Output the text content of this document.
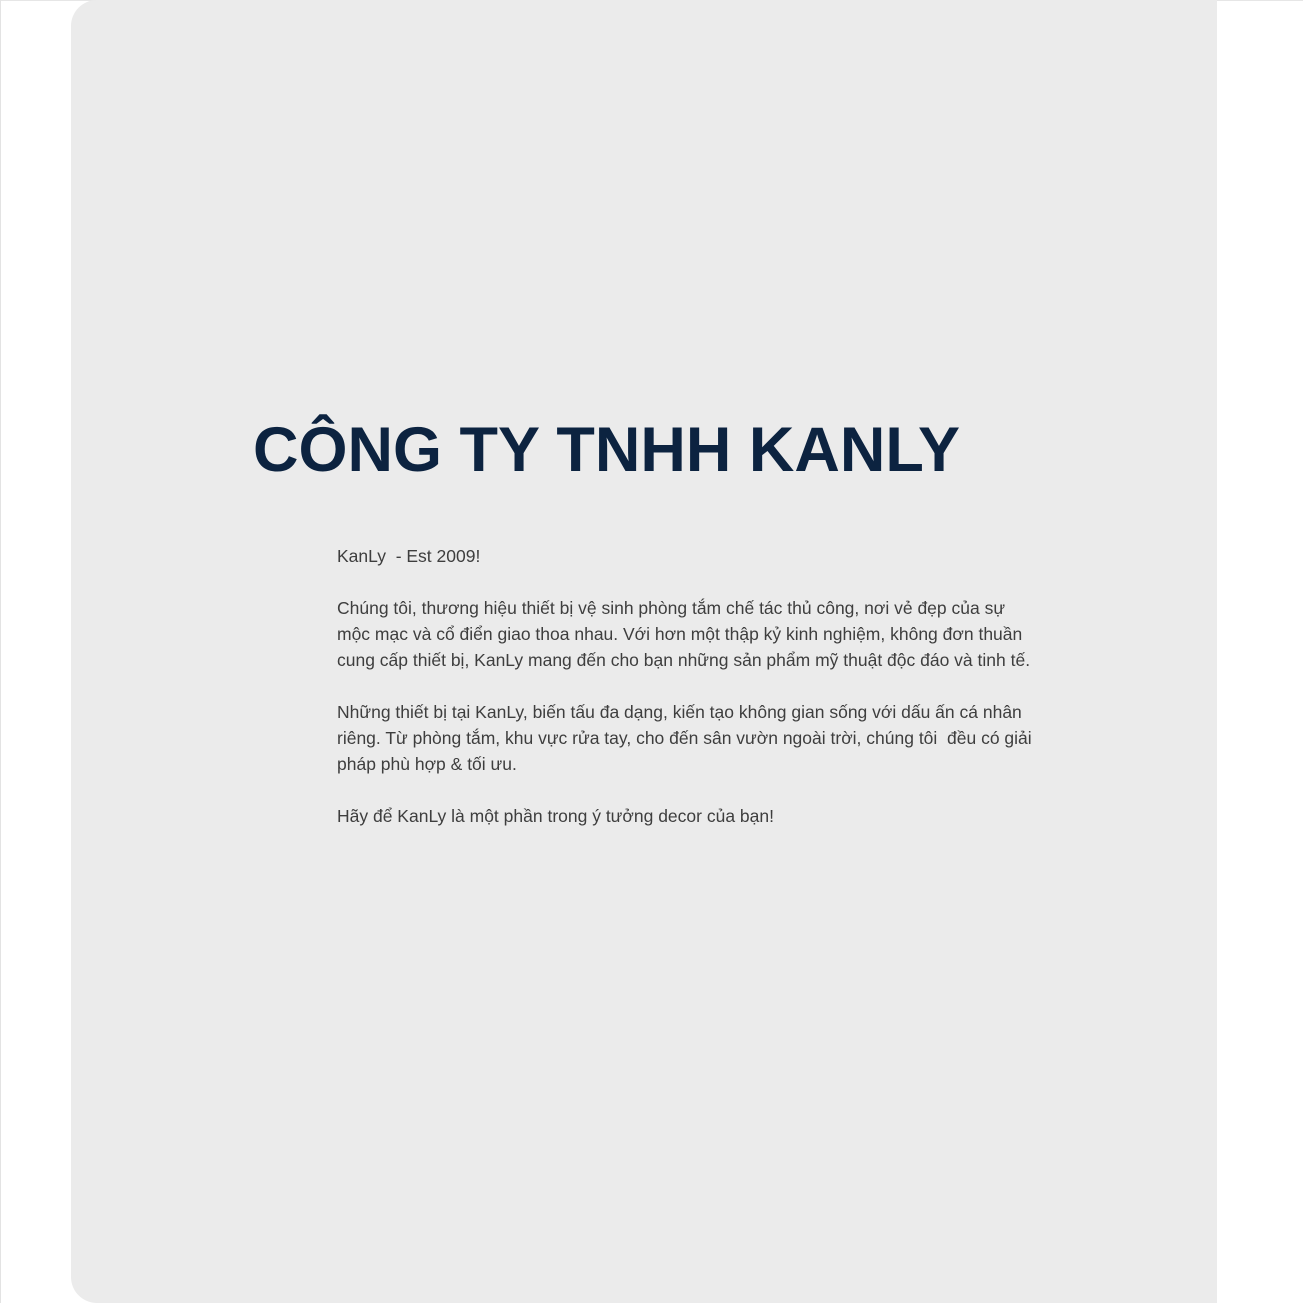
CÔNG TY TNHH KANLY

KanLy  - Est 2009!

Chúng tôi, thương hiệu thiết bị vệ sinh phòng tắm chế tác thủ công, nơi vẻ đẹp của sự
mộc mạc và cổ điển giao thoa nhau. Với hơn một thập kỷ kinh nghiệm, không đơn thuần
cung cấp thiết bị, KanLy mang đến cho bạn những sản phẩm mỹ thuật độc đáo và tinh tế.

Những thiết bị tại KanLy, biến tấu đa dạng, kiến tạo không gian sống với dấu ấn cá nhân
riêng. Từ phòng tắm, khu vực rửa tay, cho đến sân vườn ngoài trời, chúng tôi  đều có giải
pháp phù hợp & tối ưu.

Hãy để KanLy là một phần trong ý tưởng decor của bạn!
